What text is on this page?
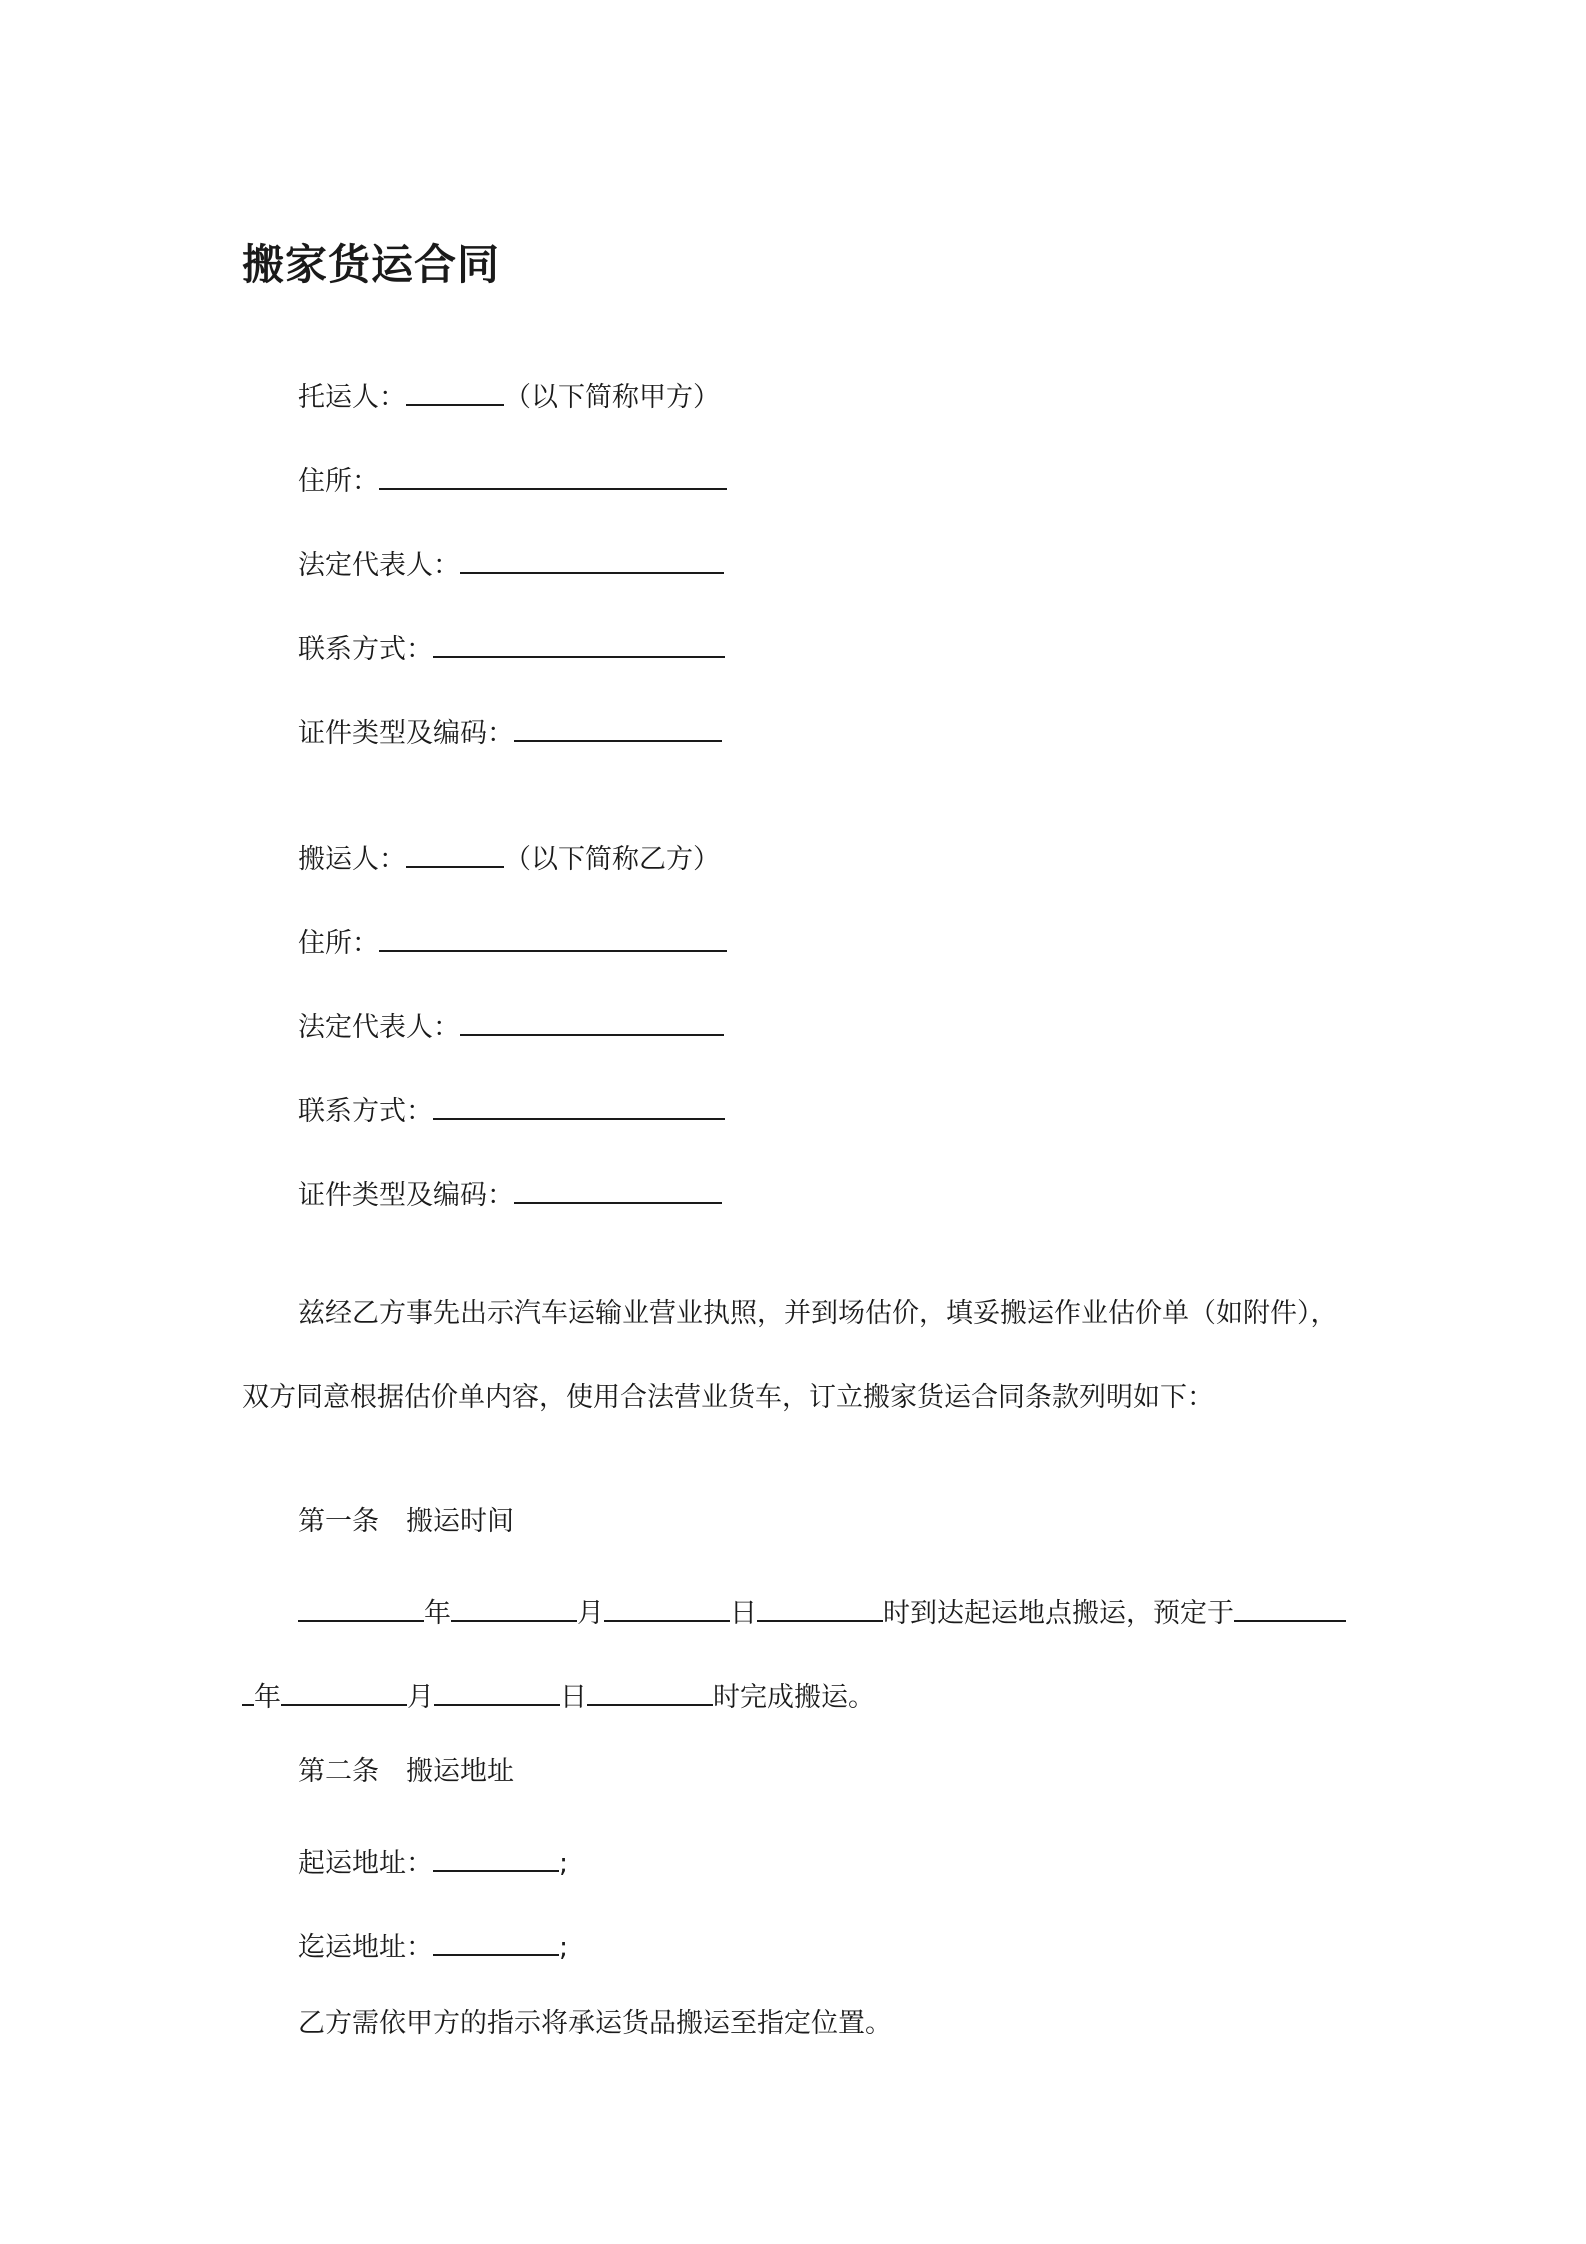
搬家货运合同
托运人：	（以下简称甲方）
住所：
法定代表人：
联系方式：
证件类型及编码：
搬运人：	（以下简称乙方）
住所：
法定代表人：
联系方式：
证件类型及编码：
兹经乙方事先出示汽车运输业营业执照，并到场估价，填妥搬运作业估价单（如附件），
双方同意根据估价单内容，使用合法营业货车，订立搬家货运合同条款列明如下：
第一条　搬运时间
年	月	日	时到达起运地点搬运，预定于
年	月	日	时完成搬运。
第二条　搬运地址
起运地址：	;
迄运地址：	;
乙方需依甲方的指示将承运货品搬运至指定位置。
